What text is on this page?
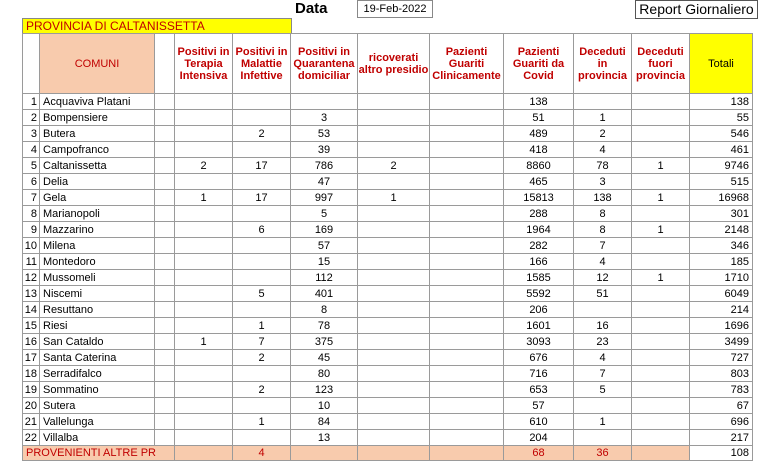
Data	19-Feb-2022	Report Giornaliero
PROVINCIA DI CALTANISSETTA
	COMUNI		Positivi in Terapia Intensiva	Positivi in Malattie Infettive	Positivi in Quarantena domiciliar	ricoverati altro presidio	Pazienti Guariti Clinicamente	Pazienti Guariti da Covid	Deceduti in provincia	Deceduti fuori provincia	Totali
1	Acquaviva Platani							138			138
2	Bompensiere				3			51	1		55
3	Butera			2	53			489	2		546
4	Campofranco				39			418	4		461
5	Caltanissetta		2	17	786	2		8860	78	1	9746
6	Delia				47			465	3		515
7	Gela		1	17	997	1		15813	138	1	16968
8	Marianopoli				5			288	8		301
9	Mazzarino			6	169			1964	8	1	2148
10	Milena				57			282	7		346
11	Montedoro				15			166	4		185
12	Mussomeli				112			1585	12	1	1710
13	Niscemi			5	401			5592	51		6049
14	Resuttano				8			206			214
15	Riesi			1	78			1601	16		1696
16	San Cataldo		1	7	375			3093	23		3499
17	Santa Caterina			2	45			676	4		727
18	Serradifalco				80			716	7		803
19	Sommatino			2	123			653	5		783
20	Sutera				10			57			67
21	Vallelunga			1	84			610	1		696
22	Villalba				13			204			217
PROVENIENTI ALTRE PR				4				68	36		108
